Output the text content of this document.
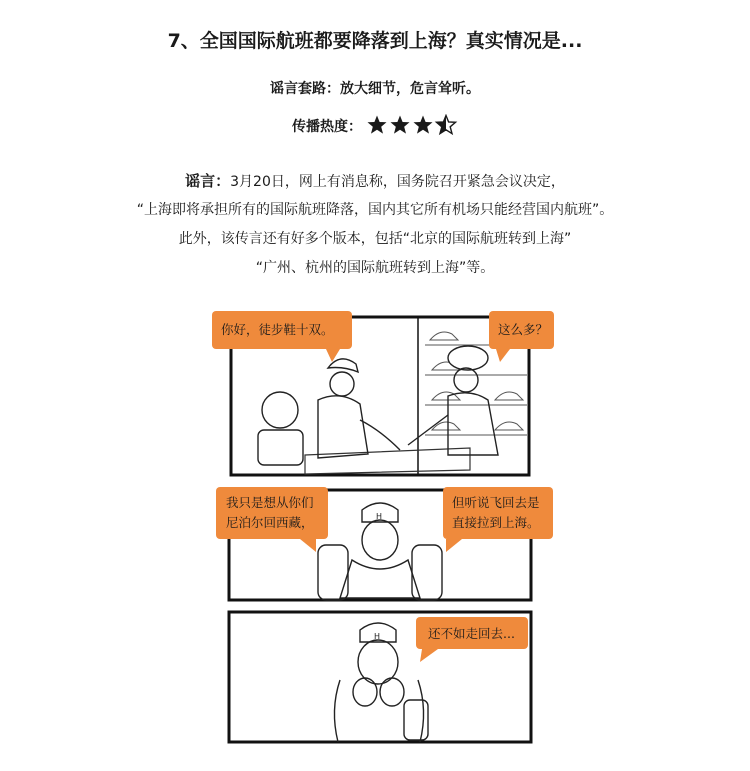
7、全国国际航班都要降落到上海？真实情况是...
谣言套路：放大细节，危言耸听。
传播热度：
谣言：3月20日，网上有消息称，国务院召开紧急会议决定，
“上海即将承担所有的国际航班降落，国内其它所有机场只能经营国内航班”。
此外，该传言还有好多个版本，包括“北京的国际航班转到上海”
“广州、杭州的国际航班转到上海”等。
H
H
你好，徒步鞋十双。	这么多？
我只是想从你们
尼泊尔回西藏，
但听说飞回去是
直接拉到上海。
还不如走回去...
